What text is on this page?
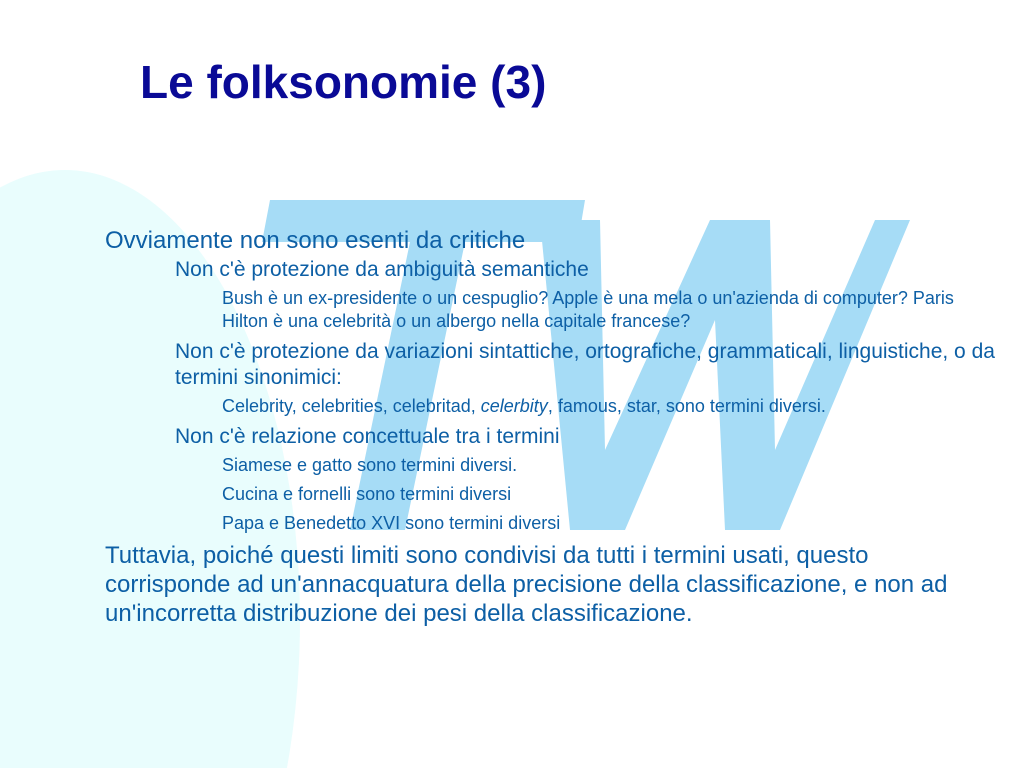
Le folksonomie (3)

Ovviamente non sono esenti da critiche

Non c'è protezione da ambiguità semantiche
Bush è un ex-presidente o un cespuglio? Apple è una mela o un'azienda di computer? Paris Hilton è una celebrità o un albergo nella capitale francese?
Non c'è protezione da variazioni sintattiche, ortografiche, grammaticali, linguistiche, o da termini sinonimici:
Celebrity, celebrities, celebritad, celerbity, famous, star, sono termini diversi.
Non c'è relazione concettuale tra i termini
Siamese e gatto sono termini diversi.
Cucina e fornelli sono termini diversi
Papa e Benedetto XVI sono termini diversi

Tuttavia, poiché questi limiti sono condivisi da tutti i termini usati, questo corrisponde ad un'annacquatura della precisione della classificazione, e non ad un'incorretta distribuzione dei pesi della classificazione.
